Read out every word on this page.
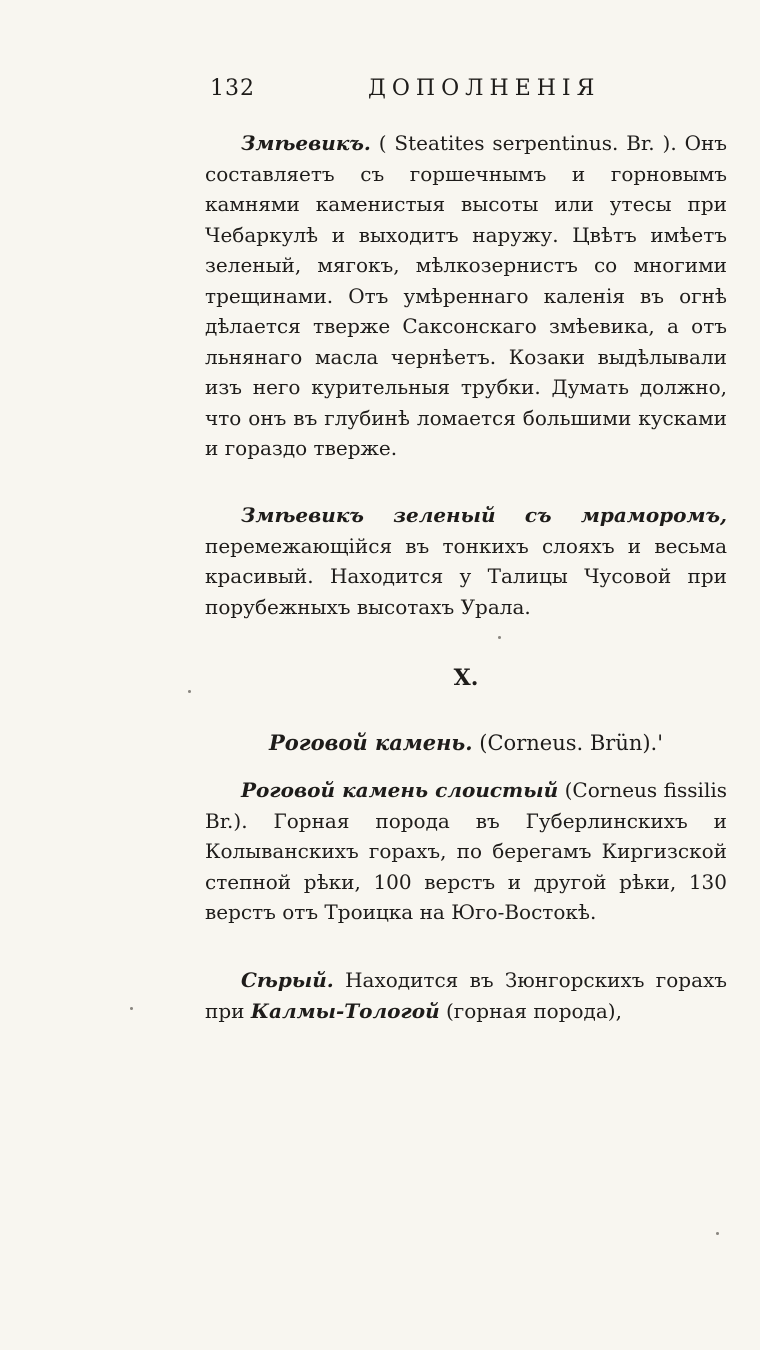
132	ДОПОЛНЕНІЯ
Змѣевикъ. ( Steatites serpentinus. Br. ). Онъ составляетъ съ горшечнымъ и горновымъ камнями каменистыя высоты или утесы при Чебаркулѣ и выходитъ наружу. Цвѣтъ имѣетъ зеленый, мягокъ, мѣлкозернистъ со многими трещинами. Отъ умѣреннаго каленія въ огнѣ дѣлается тверже Саксонскаго змѣевика, а отъ льнянаго масла чернѣетъ. Козаки выдѣлывали изъ него курительныя трубки. Думать должно, что онъ въ глубинѣ ломается большими кусками и гораздо тверже.
Змѣевикъ зеленый съ мраморомъ, перемежающійся въ тонкихъ слояхъ и весьма красивый. Находится у Талицы Чусовой при порубежныхъ высотахъ Урала.
X.
Роговой камень. (Corneus. Brün).'
Роговой камень слоистый (Corneus fissilis Br.). Горная порода въ Губерлинскихъ и Колыванскихъ горахъ, по берегамъ Киргизской степной рѣки, 100 верстъ и другой рѣки, 130 верстъ отъ Троицка на Юго-Востокѣ.
Сѣрый. Находится въ Зюнгорскихъ горахъ при Калмы-Тологой (горная порода),
